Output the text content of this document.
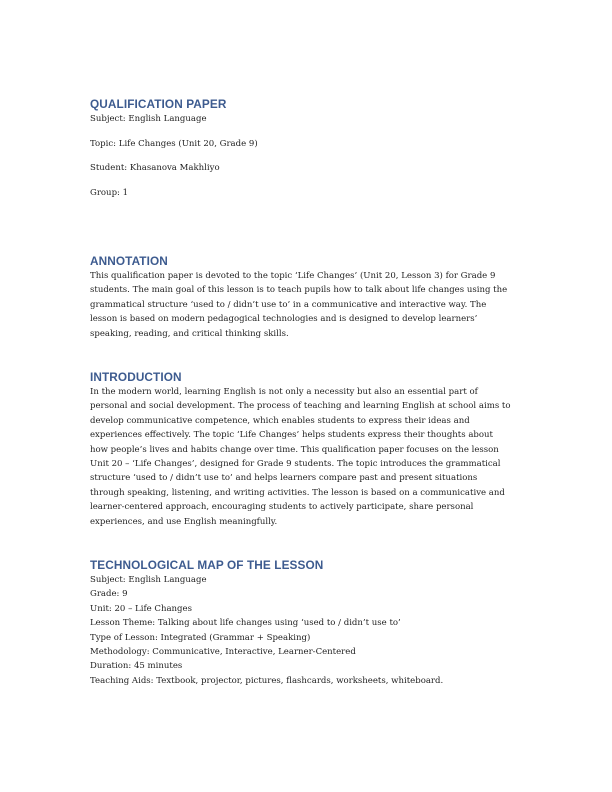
QUALIFICATION PAPER

Subject: English Language

Topic: Life Changes (Unit 20, Grade 9)

Student: Khasanova Makhliyo

Group: 1

ANNOTATION

This qualification paper is devoted to the topic ‘Life Changes’ (Unit 20, Lesson 3) for Grade 9

students. The main goal of this lesson is to teach pupils how to talk about life changes using the

grammatical structure ‘used to / didn’t use to’ in a communicative and interactive way. The

lesson is based on modern pedagogical technologies and is designed to develop learners’

speaking, reading, and critical thinking skills.

INTRODUCTION

In the modern world, learning English is not only a necessity but also an essential part of

personal and social development. The process of teaching and learning English at school aims to

develop communicative competence, which enables students to express their ideas and

experiences effectively. The topic ‘Life Changes’ helps students express their thoughts about

how people’s lives and habits change over time. This qualification paper focuses on the lesson

Unit 20 – ‘Life Changes’, designed for Grade 9 students. The topic introduces the grammatical

structure ‘used to / didn’t use to’ and helps learners compare past and present situations

through speaking, listening, and writing activities. The lesson is based on a communicative and

learner-centered approach, encouraging students to actively participate, share personal

experiences, and use English meaningfully.

TECHNOLOGICAL MAP OF THE LESSON

Subject: English Language

Grade: 9

Unit: 20 – Life Changes

Lesson Theme: Talking about life changes using ‘used to / didn’t use to’

Type of Lesson: Integrated (Grammar + Speaking)

Methodology: Communicative, Interactive, Learner-Centered

Duration: 45 minutes

Teaching Aids: Textbook, projector, pictures, flashcards, worksheets, whiteboard.
